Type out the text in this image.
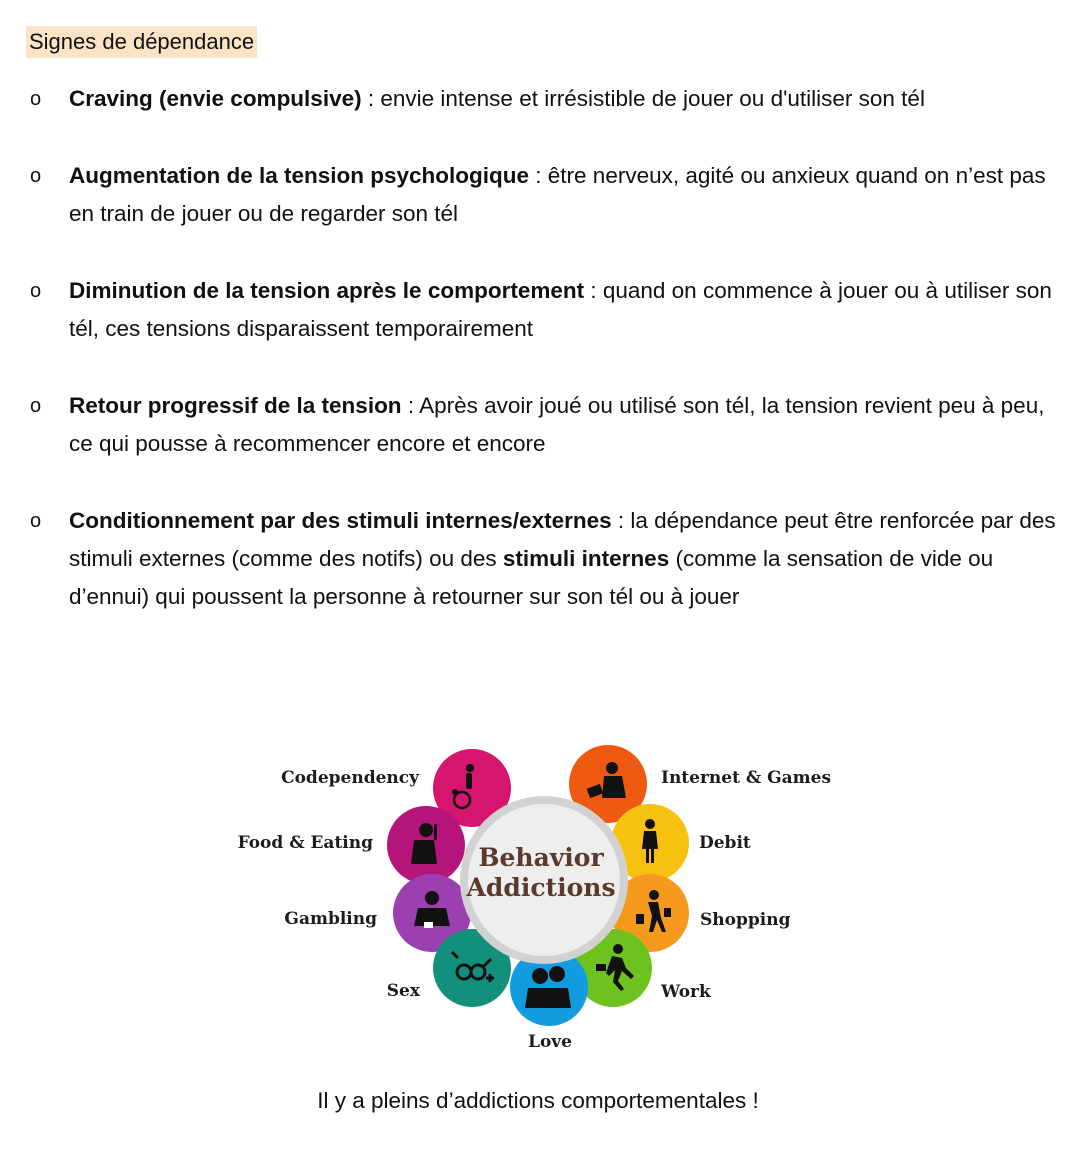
Signes de dépendance
o Craving (envie compulsive) : envie intense et irrésistible de jouer ou d'utiliser son tél
o Augmentation de la tension psychologique : être nerveux, agité ou anxieux quand on n’est pas en train de jouer ou de regarder son tél
o Diminution de la tension après le comportement : quand on commence à jouer ou à utiliser son tél, ces tensions disparaissent temporairement
o Retour progressif de la tension : Après avoir joué ou utilisé son tél, la tension revient peu à peu, ce qui pousse à recommencer encore et encore
o Conditionnement par des stimuli internes/externes : la dépendance peut être renforcée par des stimuli externes (comme des notifs) ou des stimuli internes (comme la sensation de vide ou d’ennui) qui poussent la personne à retourner sur son tél ou à jouer
Behavior
Addictions
Codependency	Internet & Games
Food & Eating	Debit
Gambling	Shopping
Sex	Work
Love
Il y a pleins d’addictions comportementales !
